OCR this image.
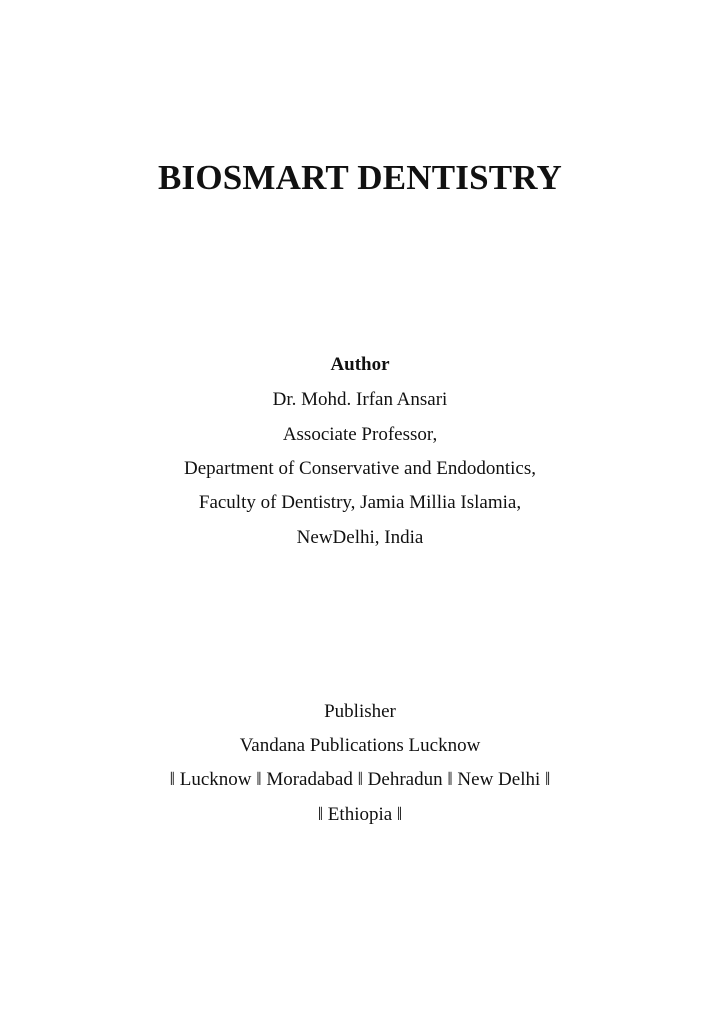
BIOSMART DENTISTRY
Author
Dr. Mohd. Irfan Ansari
Associate Professor,
Department of Conservative and Endodontics,
Faculty of Dentistry, Jamia Millia Islamia,
NewDelhi, India
Publisher
Vandana Publications Lucknow
‖ Lucknow ‖ Moradabad ‖ Dehradun ‖ New Delhi ‖
‖ Ethiopia ‖
